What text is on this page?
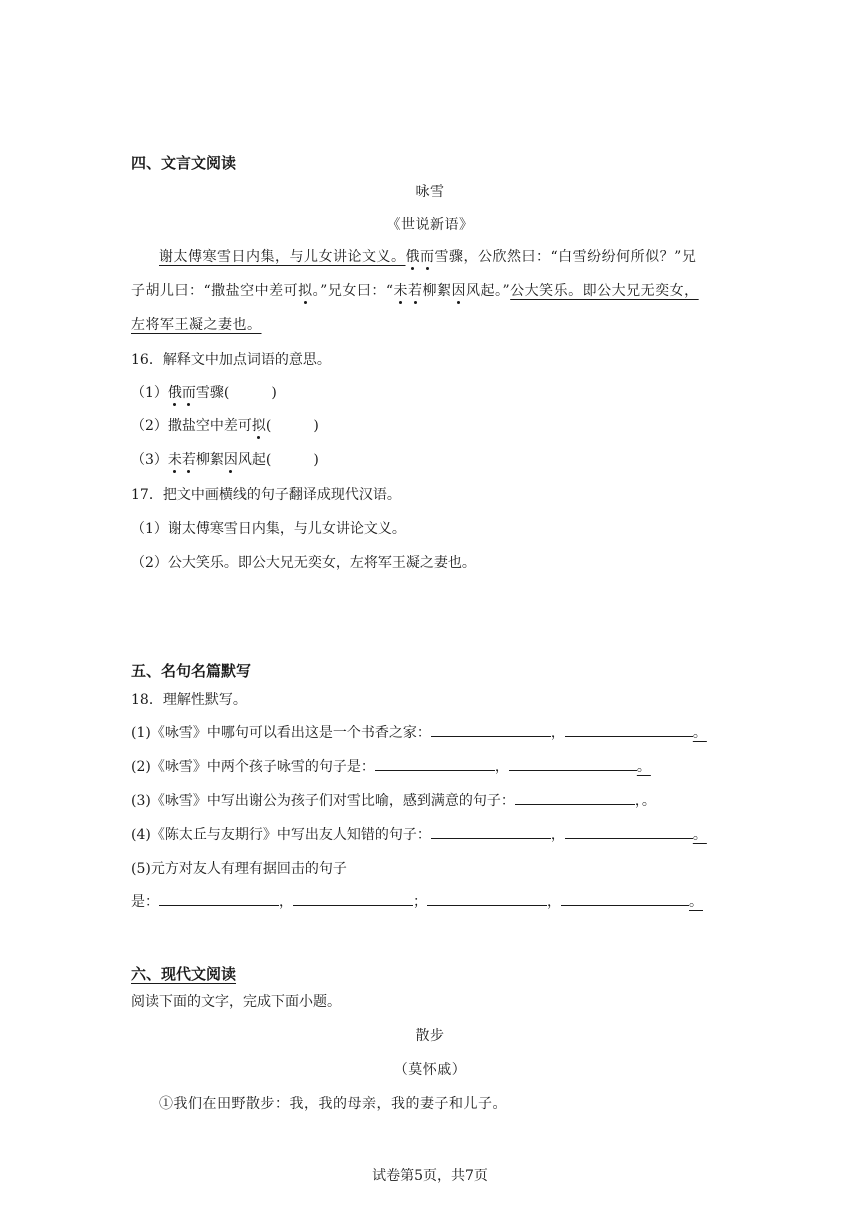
四、文言文阅读
咏雪
《世说新语》
谢太傅寒雪日内集，与儿女讲论文义。俄而雪骤，公欣然曰：“白雪纷纷何所似？”兄
子胡儿曰：“撒盐空中差可拟。”兄女曰：“未若柳絮因风起。”公大笑乐。即公大兄无奕女，
左将军王凝之妻也。
16．解释文中加点词语的意思。
（1）俄而雪骤(　　　)
（2）撒盐空中差可拟(　　　)
（3）未若柳絮因风起(　　　)
17．把文中画横线的句子翻译成现代汉语。
（1）谢太傅寒雪日内集，与儿女讲论文义。
（2）公大笑乐。即公大兄无奕女，左将军王凝之妻也。
五、名句名篇默写
18．理解性默写。
(1)《咏雪》中哪句可以看出这是一个书香之家：	，	。
(2)《咏雪》中两个孩子咏雪的句子是：	，	。
(3)《咏雪》中写出谢公为孩子们对雪比喻，感到满意的句子：	，。
(4)《陈太丘与友期行》中写出友人知错的句子：	，	。
(5)元方对友人有理有据回击的句子
是：	，	；	，	。
六、现代文阅读
阅读下面的文字，完成下面小题。
散步
（莫怀戚）
①我们在田野散步：我，我的母亲，我的妻子和儿子。
试卷第5页，共7页
